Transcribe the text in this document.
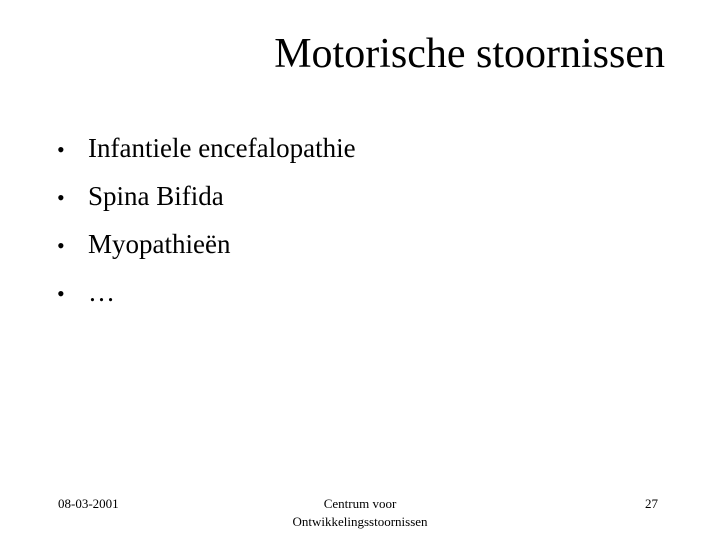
Motorische stoornissen
• Infantiele encefalopathie
• Spina Bifida
• Myopathieën
• …
08-03-2001	Centrum voor
Ontwikkelingsstoornissen
27
